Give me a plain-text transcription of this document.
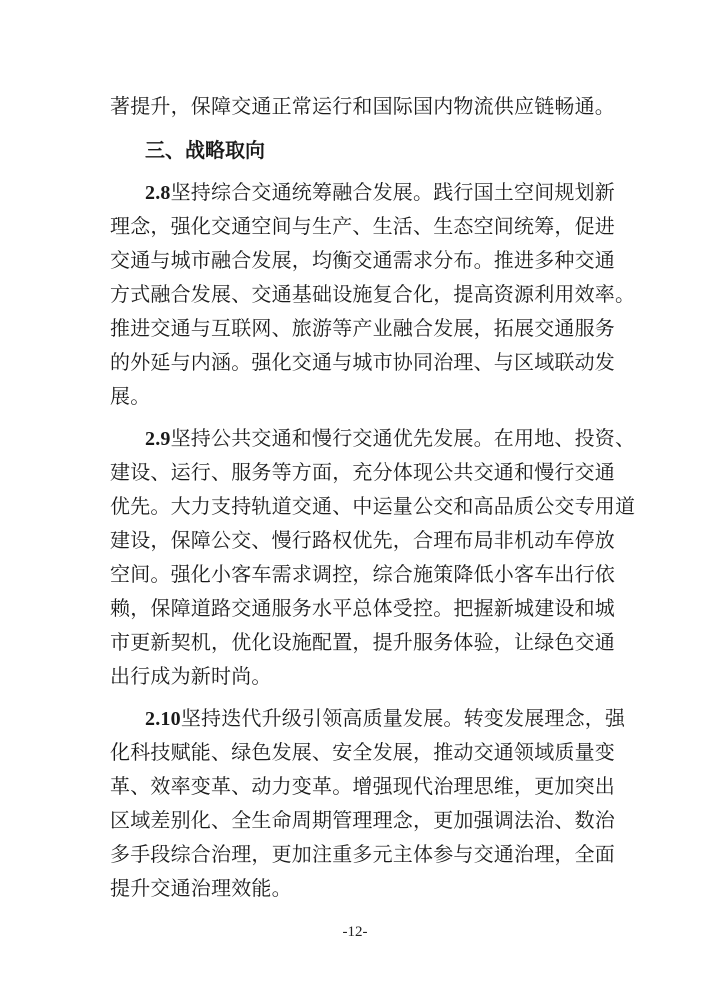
著提升，保障交通正常运行和国际国内物流供应链畅通。
三、战略取向
2.8坚持综合交通统筹融合发展。践行国土空间规划新
理念，强化交通空间与生产、生活、生态空间统筹，促进
交通与城市融合发展，均衡交通需求分布。推进多种交通
方式融合发展、交通基础设施复合化，提高资源利用效率。
推进交通与互联网、旅游等产业融合发展，拓展交通服务
的外延与内涵。强化交通与城市协同治理、与区域联动发
展。
2.9坚持公共交通和慢行交通优先发展。在用地、投资、
建设、运行、服务等方面，充分体现公共交通和慢行交通
优先。大力支持轨道交通、中运量公交和高品质公交专用道
建设，保障公交、慢行路权优先，合理布局非机动车停放
空间。强化小客车需求调控，综合施策降低小客车出行依
赖，保障道路交通服务水平总体受控。把握新城建设和城
市更新契机，优化设施配置，提升服务体验，让绿色交通
出行成为新时尚。
2.10坚持迭代升级引领高质量发展。转变发展理念，强
化科技赋能、绿色发展、安全发展，推动交通领域质量变
革、效率变革、动力变革。增强现代治理思维，更加突出
区域差别化、全生命周期管理理念，更加强调法治、数治
多手段综合治理，更加注重多元主体参与交通治理，全面
提升交通治理效能。
-12-
